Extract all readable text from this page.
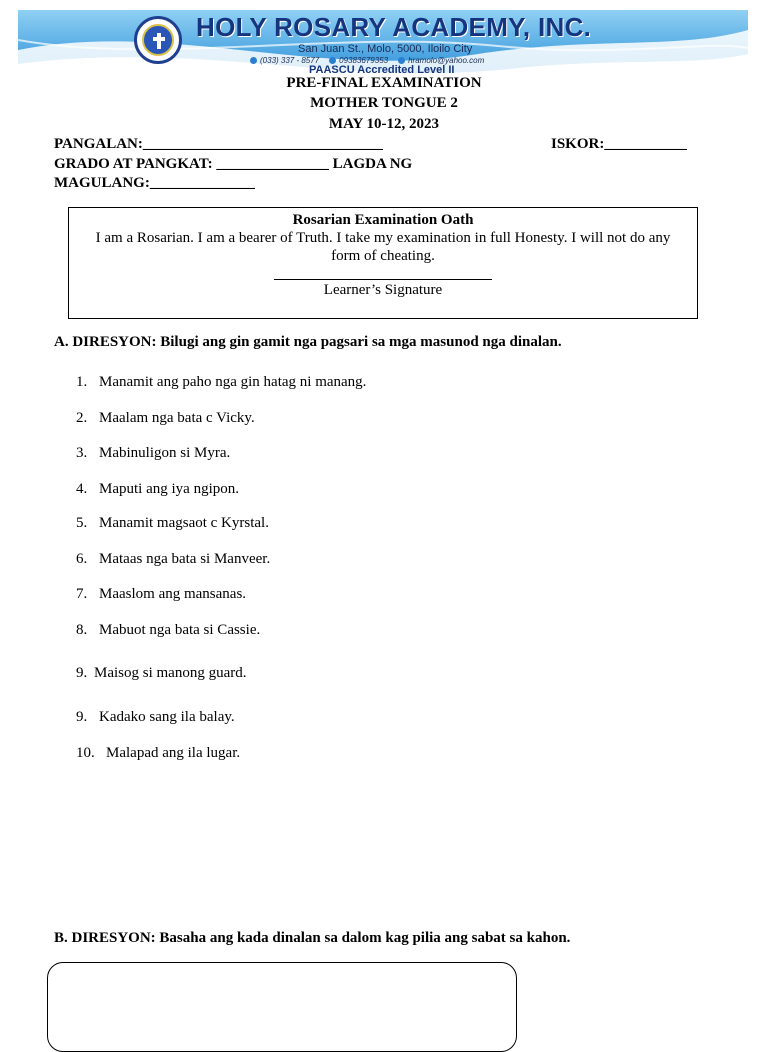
HOLY ROSARY ACADEMY, INC.
San Juan St., Molo, 5000, Iloilo City
(033) 337 - 8577	09383679353	hramolo@yahoo.com
PAASCU Accredited Level II
PRE-FINAL EXAMINATION
MOTHER TONGUE 2
MAY 10-12, 2023
PANGALAN:________________________________	ISKOR:___________
GRADO AT PANGKAT: _______________ LAGDA NG
MAGULANG:______________
Rosarian Examination Oath
I am a Rosarian. I am a bearer of Truth. I take my examination in full Honesty. I will not do any form of cheating.
Learner’s Signature
A. DIRESYON: Bilugi ang gin gamit nga pagsari sa mga masunod nga dinalan.
1. Manamit ang paho nga gin hatag ni manang.
2. Maalam nga bata c Vicky.
3. Mabinuligon si Myra.
4. Maputi ang iya ngipon.
5. Manamit magsaot c Kyrstal.
6. Mataas nga bata si Manveer.
7. Maaslom ang mansanas.
8. Mabuot nga bata si Cassie.
9. Maisog si manong guard.
9. Kadako sang ila balay.
10. Malapad ang ila lugar.
B. DIRESYON: Basaha ang kada dinalan sa dalom kag pilia ang sabat sa kahon.
